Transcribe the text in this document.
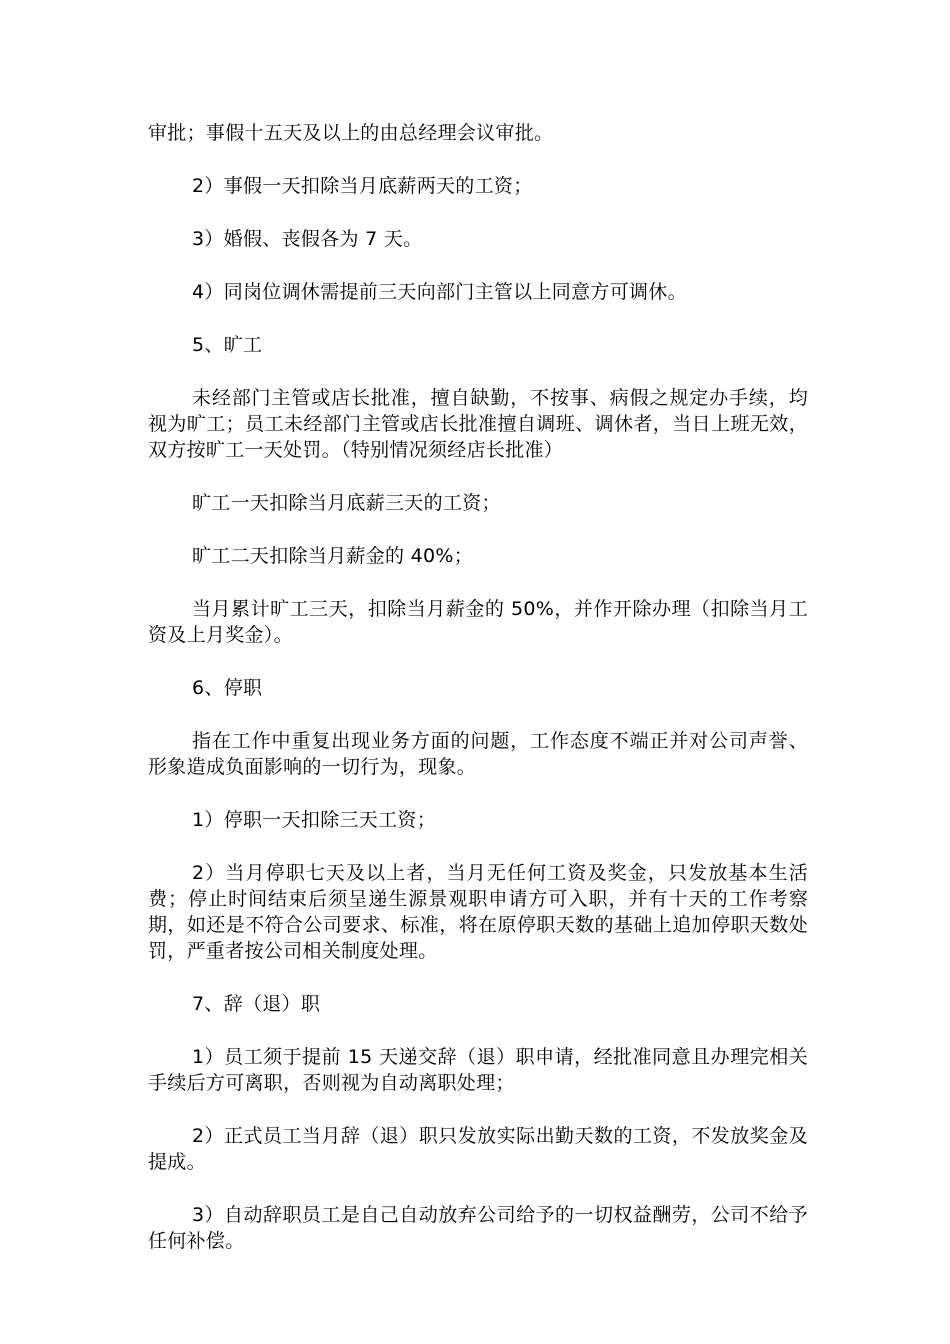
审批；事假十五天及以上的由总经理会议审批。

2）事假一天扣除当月底薪两天的工资；

3）婚假、丧假各为 7 天。

4）同岗位调休需提前三天向部门主管以上同意方可调休。

5、旷工

未经部门主管或店长批准，擅自缺勤，不按事、病假之规定办手续，均视为旷工；员工未经部门主管或店长批准擅自调班、调休者，当日上班无效，双方按旷工一天处罚。（特别情况须经店长批准）

旷工一天扣除当月底薪三天的工资；

旷工二天扣除当月薪金的 40%；

当月累计旷工三天，扣除当月薪金的 50%，并作开除办理（扣除当月工资及上月奖金）。

6、停职

指在工作中重复出现业务方面的问题，工作态度不端正并对公司声誉、形象造成负面影响的一切行为，现象。

1）停职一天扣除三天工资；

2）当月停职七天及以上者，当月无任何工资及奖金，只发放基本生活费；停止时间结束后须呈递生源景观职申请方可入职，并有十天的工作考察期，如还是不符合公司要求、标准，将在原停职天数的基础上追加停职天数处罚，严重者按公司相关制度处理。

7、辞（退）职

1）员工须于提前 15 天递交辞（退）职申请，经批准同意且办理完相关手续后方可离职，否则视为自动离职处理；

2）正式员工当月辞（退）职只发放实际出勤天数的工资，不发放奖金及提成。

3）自动辞职员工是自己自动放弃公司给予的一切权益酬劳，公司不给予任何补偿。
